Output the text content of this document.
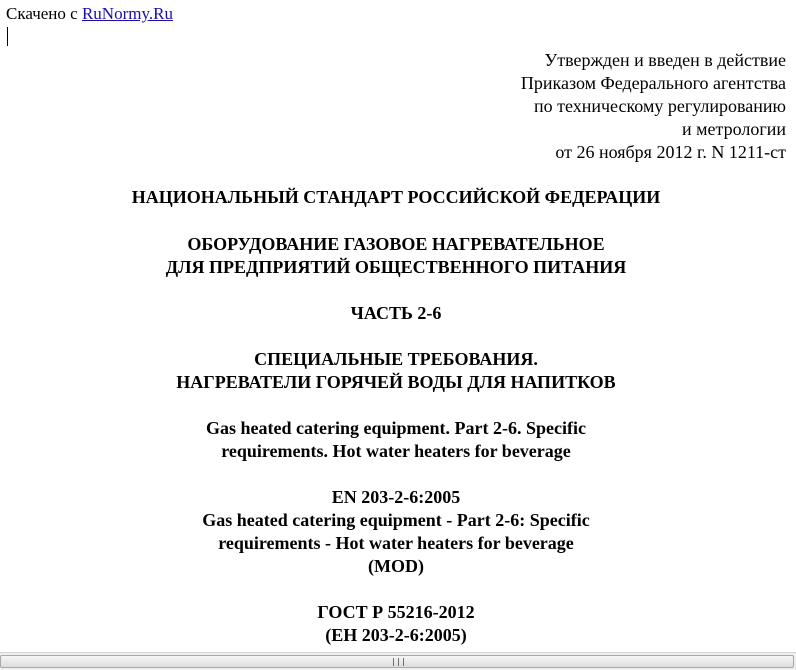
Скачено с RuNormy.Ru
Утвержден и введен в действие
Приказом Федерального агентства
по техническому регулированию
и метрологии
от 26 ноября 2012 г. N 1211-ст
НАЦИОНАЛЬНЫЙ СТАНДАРТ РОССИЙСКОЙ ФЕДЕРАЦИИ
ОБОРУДОВАНИЕ ГАЗОВОЕ НАГРЕВАТЕЛЬНОЕ
ДЛЯ ПРЕДПРИЯТИЙ ОБЩЕСТВЕННОГО ПИТАНИЯ
ЧАСТЬ 2-6
СПЕЦИАЛЬНЫЕ ТРЕБОВАНИЯ.
НАГРЕВАТЕЛИ ГОРЯЧЕЙ ВОДЫ ДЛЯ НАПИТКОВ
Gas heated catering equipment. Part 2-6. Specific
requirements. Hot water heaters for beverage
EN 203-2-6:2005
Gas heated catering equipment - Part 2-6: Specific
requirements - Hot water heaters for beverage
(MOD)
ГОСТ Р 55216-2012
(ЕН 203-2-6:2005)
